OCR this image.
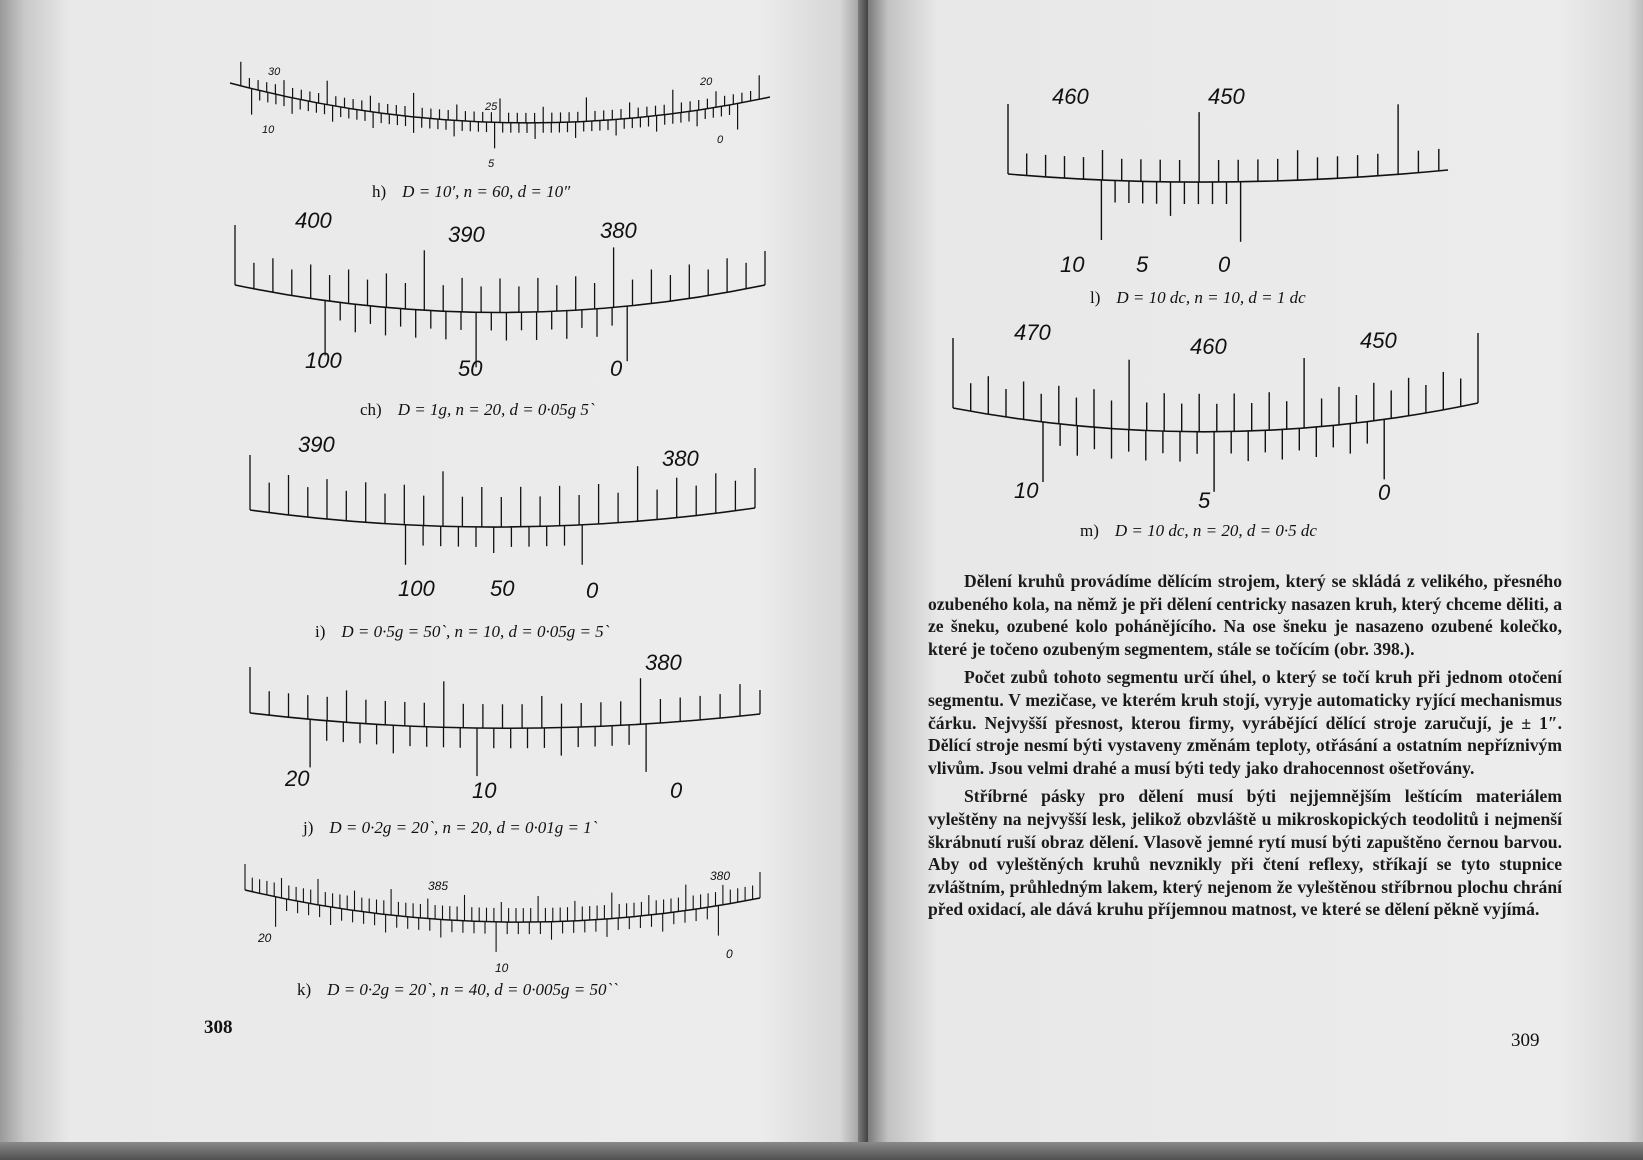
30
25
20
10
5
0
h) D = 10′, n = 60, d = 10″
400
390	380
100	50	0
ch) D = 1g, n = 20, d = 0·05g 5`
390
380
100	50	0
i) D = 0·5g = 50`, n = 10, d = 0·05g = 5`
380
20	10	0
j) D = 0·2g = 20`, n = 20, d = 0·01g = 1`
385
380
20
10
0
k) D = 0·2g = 20`, n = 40, d = 0·005g = 50``
308
460	450
10 5	0
l) D = 10 dc, n = 10, d = 1 dc
470
460	450
10	5	0
m) D = 10 dc, n = 20, d = 0·5 dc

Dělení kruhů provádíme dělícím strojem, který se skládá z velikého, přesného ozubeného kola, na němž je při dělení centricky nasazen kruh, který chceme děliti, a ze šneku, ozubené kolo pohánějícího. Na ose šneku je nasazeno ozubené kolečko, které je točeno ozubeným segmentem, stále se točícím (obr. 398.).

Počet zubů tohoto segmentu určí úhel, o který se točí kruh při jednom otočení segmentu. V mezičase, ve kterém kruh stojí, vyryje automaticky ryjící mechanismus čárku. Nejvyšší přesnost, kterou firmy, vyrábějící dělící stroje zaručují, je ± 1″. Dělící stroje nesmí býti vystaveny změnám teploty, otřásání a ostatním nepříznivým vlivům. Jsou velmi drahé a musí býti tedy jako drahocennost ošetřovány.

Stříbrné pásky pro dělení musí býti nejjemnějším leštícím materiálem vyleštěny na nejvyšší lesk, jelikož obzvláště u mikroskopických teodolitů i nejmenší škrábnutí ruší obraz dělení. Vlasově jemné rytí musí býti zapuštěno černou barvou. Aby od vyleštěných kruhů nevznikly při čtení reflexy, stříkají se tyto stupnice zvláštním, průhledným lakem, který nejenom že vyleštěnou stříbrnou plochu chrání před oxidací, ale dává kruhu příjemnou matnost, ve které se dělení pěkně vyjímá.

309
